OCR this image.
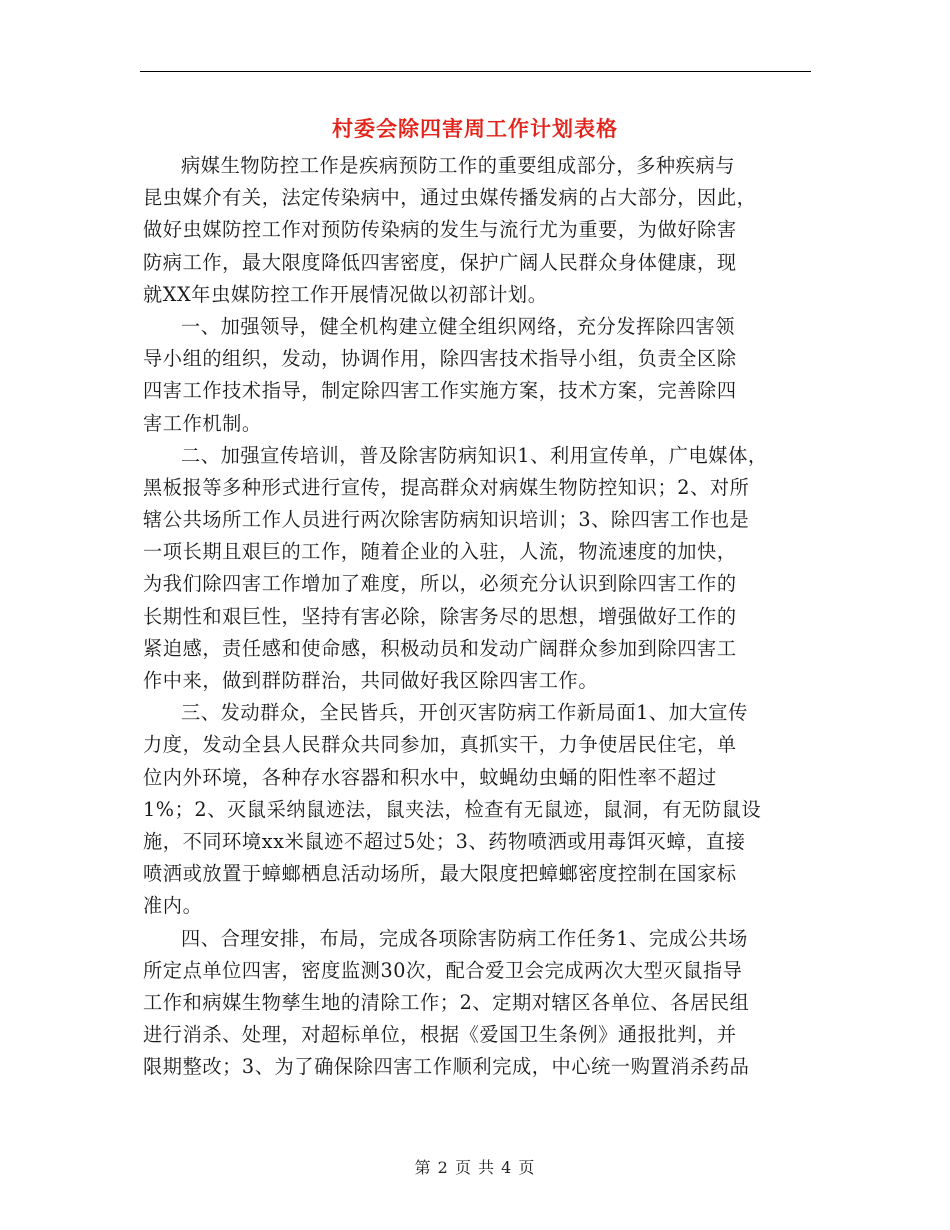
村委会除四害周工作计划表格
病媒生物防控工作是疾病预防工作的重要组成部分，多种疾病与
昆虫媒介有关，法定传染病中，通过虫媒传播发病的占大部分，因此，
做好虫媒防控工作对预防传染病的发生与流行尤为重要，为做好除害
防病工作，最大限度降低四害密度，保护广阔人民群众身体健康，现
就XX年虫媒防控工作开展情况做以初部计划。
一、加强领导，健全机构建立健全组织网络，充分发挥除四害领
导小组的组织，发动，协调作用，除四害技术指导小组，负责全区除
四害工作技术指导，制定除四害工作实施方案，技术方案，完善除四
害工作机制。
二、加强宣传培训，普及除害防病知识1、利用宣传单，广电媒体，
黑板报等多种形式进行宣传，提高群众对病媒生物防控知识；2、对所
辖公共场所工作人员进行两次除害防病知识培训；3、除四害工作也是
一项长期且艰巨的工作，随着企业的入驻，人流，物流速度的加快，
为我们除四害工作增加了难度，所以，必须充分认识到除四害工作的
长期性和艰巨性，坚持有害必除，除害务尽的思想，增强做好工作的
紧迫感，责任感和使命感，积极动员和发动广阔群众参加到除四害工
作中来，做到群防群治，共同做好我区除四害工作。
三、发动群众，全民皆兵，开创灭害防病工作新局面1、加大宣传
力度，发动全县人民群众共同参加，真抓实干，力争使居民住宅，单
位内外环境，各种存水容器和积水中，蚊蝇幼虫蛹的阳性率不超过
1%；2、灭鼠采纳鼠迹法，鼠夹法，检查有无鼠迹，鼠洞，有无防鼠设
施，不同环境xx米鼠迹不超过5处；3、药物喷洒或用毒饵灭蟑，直接
喷洒或放置于蟑螂栖息活动场所，最大限度把蟑螂密度控制在国家标
准内。
四、合理安排，布局，完成各项除害防病工作任务1、完成公共场
所定点单位四害，密度监测30次，配合爱卫会完成两次大型灭鼠指导
工作和病媒生物孳生地的清除工作；2、定期对辖区各单位、各居民组
进行消杀、处理，对超标单位，根据《爱国卫生条例》通报批判，并
限期整改；3、为了确保除四害工作顺利完成，中心统一购置消杀药品
第 2 页 共 4 页
